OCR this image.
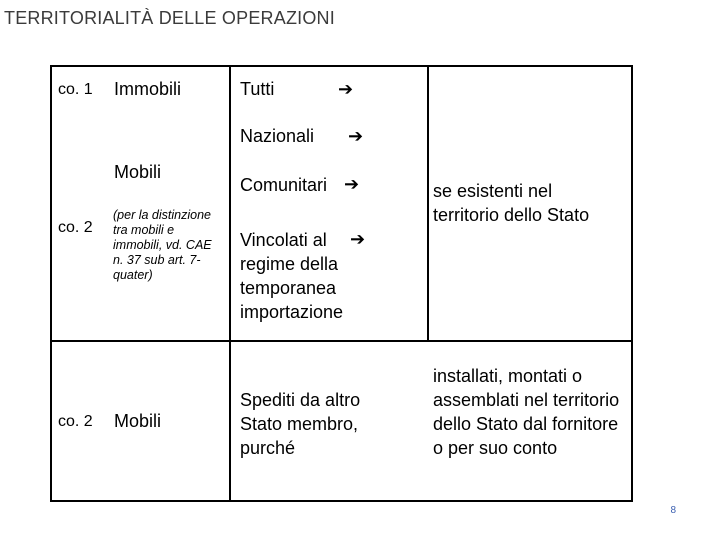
TERRITORIALITÀ DELLE OPERAZIONI
co. 1 Immobili	Tutti	➔
Nazionali ➔
Mobili
(per la distinzione tra mobili e immobili, vd. CAE n. 37 sub art. 7-quater)
co. 2
Comunitari ➔
Vincolati al ➔
regime della temporanea importazione
se esistenti nel territorio dello Stato
co. 2 Mobili
Spediti da altro Stato membro, purché
installati, montati o assemblati nel territorio dello Stato dal fornitore o per suo conto
8
